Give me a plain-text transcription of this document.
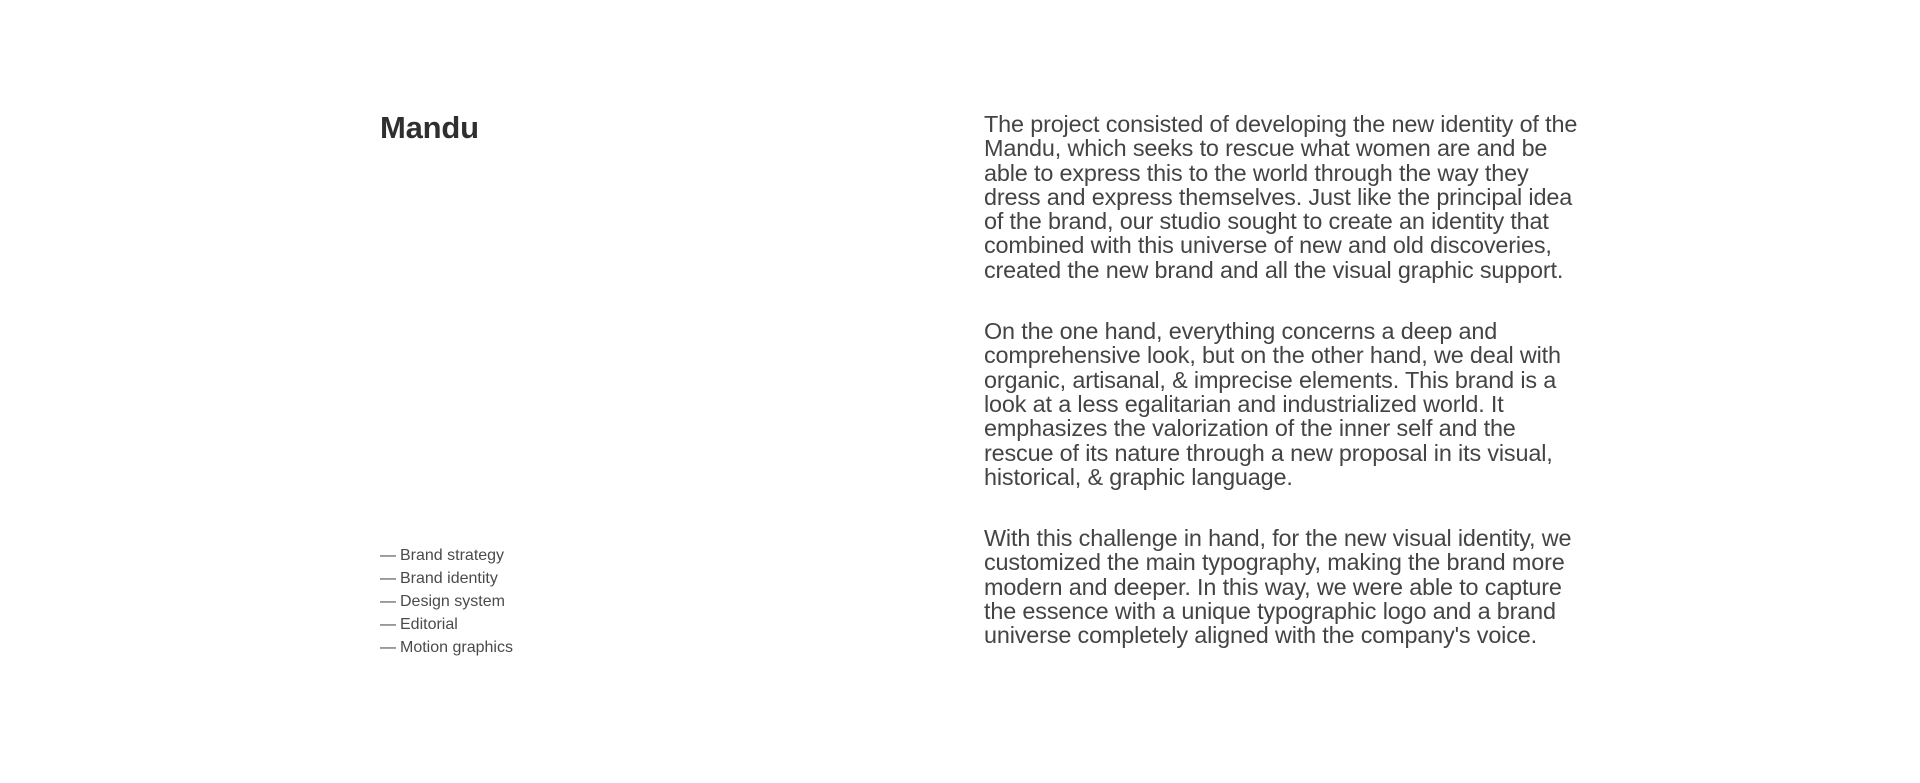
Mandu
— Brand strategy
— Brand identity
— Design system
— Editorial
— Motion graphics

The project consisted of developing the new identity of the Mandu, which seeks to rescue what women are and be able to express this to the world through the way they dress and express themselves. Just like the principal idea of the brand, our studio sought to create an identity that combined with this universe of new and old discoveries, created the new brand and all the visual graphic support.

On the one hand, everything concerns a deep and comprehensive look, but on the other hand, we deal with organic, artisanal, & imprecise elements. This brand is a look at a less egalitarian and industrialized world. It emphasizes the valorization of the inner self and the rescue of its nature through a new proposal in its visual, historical, & graphic language.

With this challenge in hand, for the new visual identity, we customized the main typography, making the brand more modern and deeper. In this way, we were able to capture the essence with a unique typographic logo and a brand universe completely aligned with the company's voice.
